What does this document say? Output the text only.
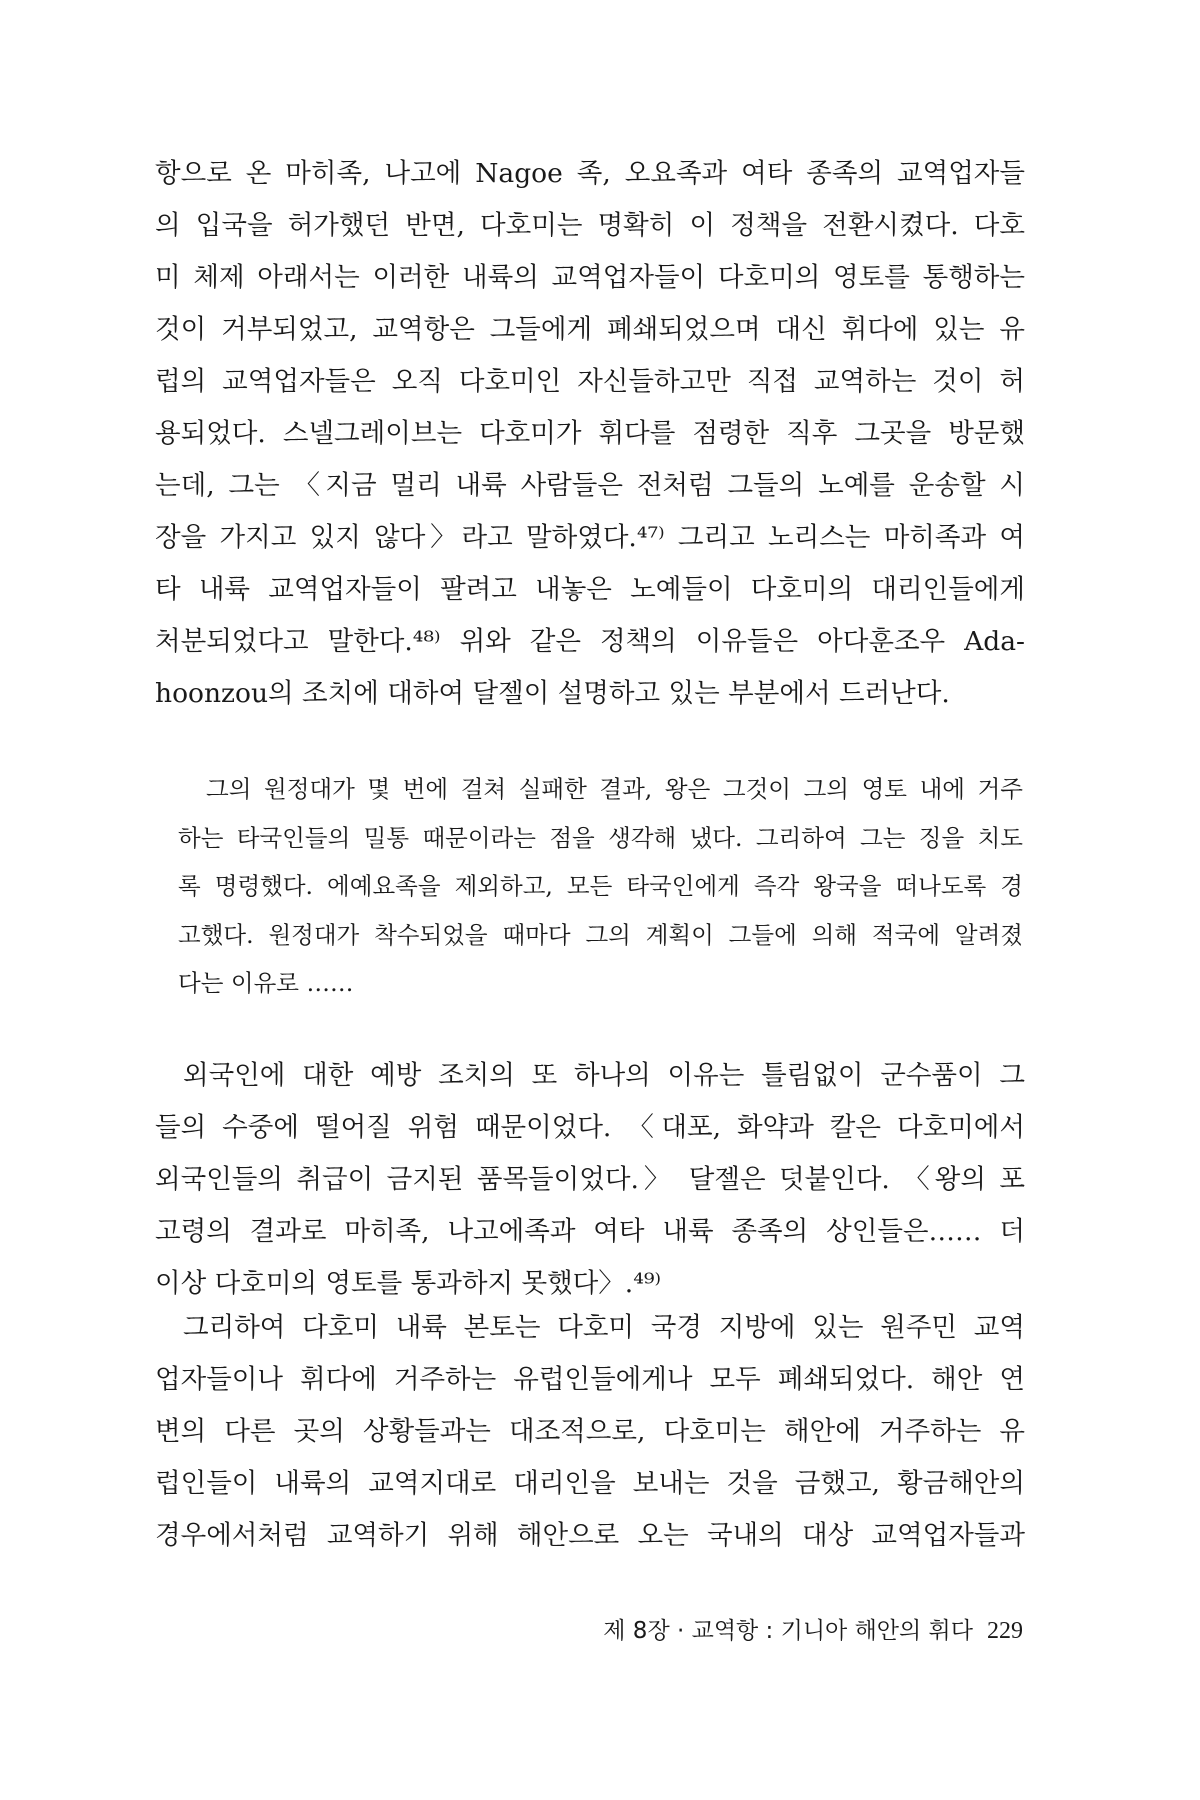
항으로 온 마히족, 나고에 Nagoe 족, 오요족과 여타 종족의 교역업자들
의 입국을 허가했던 반면, 다호미는 명확히 이 정책을 전환시켰다. 다호
미 체제 아래서는 이러한 내륙의 교역업자들이 다호미의 영토를 통행하는
것이 거부되었고, 교역항은 그들에게 폐쇄되었으며 대신 휘다에 있는 유
럽의 교역업자들은 오직 다호미인 자신들하고만 직접 교역하는 것이 허
용되었다. 스넬그레이브는 다호미가 휘다를 점령한 직후 그곳을 방문했
는데, 그는 〈지금 멀리 내륙 사람들은 전처럼 그들의 노예를 운송할 시
장을 가지고 있지 않다〉라고 말하였다.⁴⁷⁾ 그리고 노리스는 마히족과 여
타 내륙 교역업자들이 팔려고 내놓은 노예들이 다호미의 대리인들에게
처분되었다고 말한다.⁴⁸⁾ 위와 같은 정책의 이유들은 아다훈조우 Ada-
hoonzou의 조치에 대하여 달젤이 설명하고 있는 부분에서 드러난다.
그의 원정대가 몇 번에 걸쳐 실패한 결과, 왕은 그것이 그의 영토 내에 거주
하는 타국인들의 밀통 때문이라는 점을 생각해 냈다. 그리하여 그는 징을 치도
록 명령했다. 에예요족을 제외하고, 모든 타국인에게 즉각 왕국을 떠나도록 경
고했다. 원정대가 착수되었을 때마다 그의 계획이 그들에 의해 적국에 알려졌
다는 이유로 ……
외국인에 대한 예방 조치의 또 하나의 이유는 틀림없이 군수품이 그
들의 수중에 떨어질 위험 때문이었다. 〈대포, 화약과 칼은 다호미에서
외국인들의 취급이 금지된 품목들이었다.〉 달젤은 덧붙인다. 〈왕의 포
고령의 결과로 마히족, 나고에족과 여타 내륙 종족의 상인들은…… 더
이상 다호미의 영토를 통과하지 못했다〉.⁴⁹⁾
그리하여 다호미 내륙 본토는 다호미 국경 지방에 있는 원주민 교역
업자들이나 휘다에 거주하는 유럽인들에게나 모두 폐쇄되었다. 해안 연
변의 다른 곳의 상황들과는 대조적으로, 다호미는 해안에 거주하는 유
럽인들이 내륙의 교역지대로 대리인을 보내는 것을 금했고, 황금해안의
경우에서처럼 교역하기 위해 해안으로 오는 국내의 대상 교역업자들과
제 8장 · 교역항 : 기니아 해안의 휘다 229
